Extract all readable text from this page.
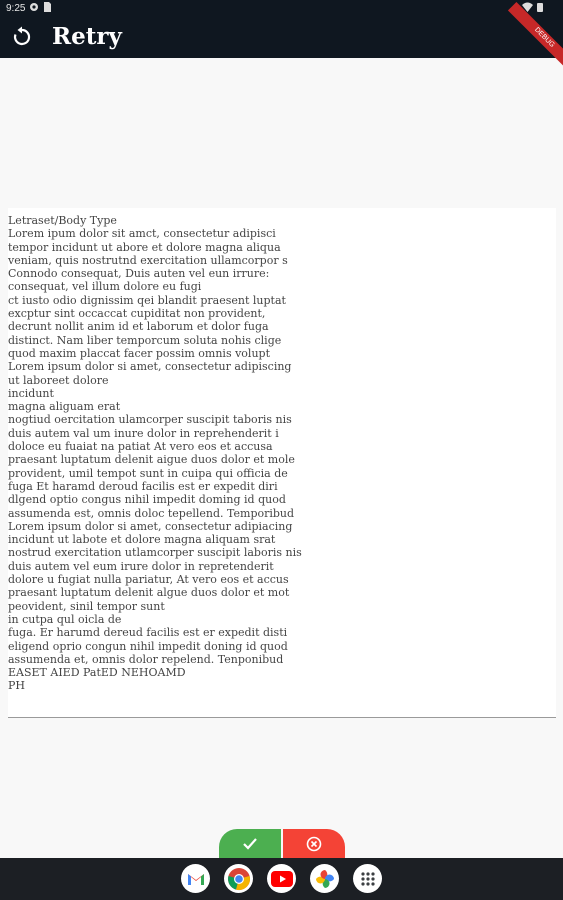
9:25
Retry	DEBUG
Letraset/Body Type
Lorem ipum dolor sit amct, consectetur adipisci
tempor incidunt ut abore et dolore magna aliqua
veniam, quis nostrutnd exercitation ullamcorpor s
Connodo consequat, Duis auten vel eun irrure:
consequat, vel illum dolore eu fugi
ct iusto odio dignissim qei blandit praesent luptat
excptur sint occaccat cupiditat non provident,
decrunt nollit anim id et laborum et dolor fuga
distinct. Nam liber temporcum soluta nohis clige
quod maxim placcat facer possim omnis volupt
Lorem ipsum dolor si amet, consectetur adipiscing
ut laboreet dolore
incidunt
magna aliguam erat
nogtiud oercitation ulamcorper suscipit taboris nis
duis autem val um inure dolor in reprehenderit i
doloce eu fuaiat na patiat At vero eos et accusa
praesant luptatum delenit aigue duos dolor et mole
provident, umil tempot sunt in cuipa qui officia de
fuga Et haramd deroud facilis est er expedit diri
dlgend optio congus nihil impedit doming id quod
assumenda est, omnis doloc tepellend. Temporibud
Lorem ipsum dolor si amet, consectetur adipiacing
incidunt ut labote et dolore magna aliquam srat
nostrud exercitation utlamcorper suscipit laboris nis
duis autem vel eum irure dolor in repretenderit
dolore u fugiat nulla pariatur, At vero eos et accus
praesant luptatum delenit algue duos dolor et mot
peovident, sinil tempor sunt
in cutpa qul oicla de
fuga. Er harumd dereud facilis est er expedit disti
eligend oprio congun nihil impedit doning id quod
assumenda et, omnis dolor repelend. Tenponibud
EASET AIED PatED NEHOAMD
PH
